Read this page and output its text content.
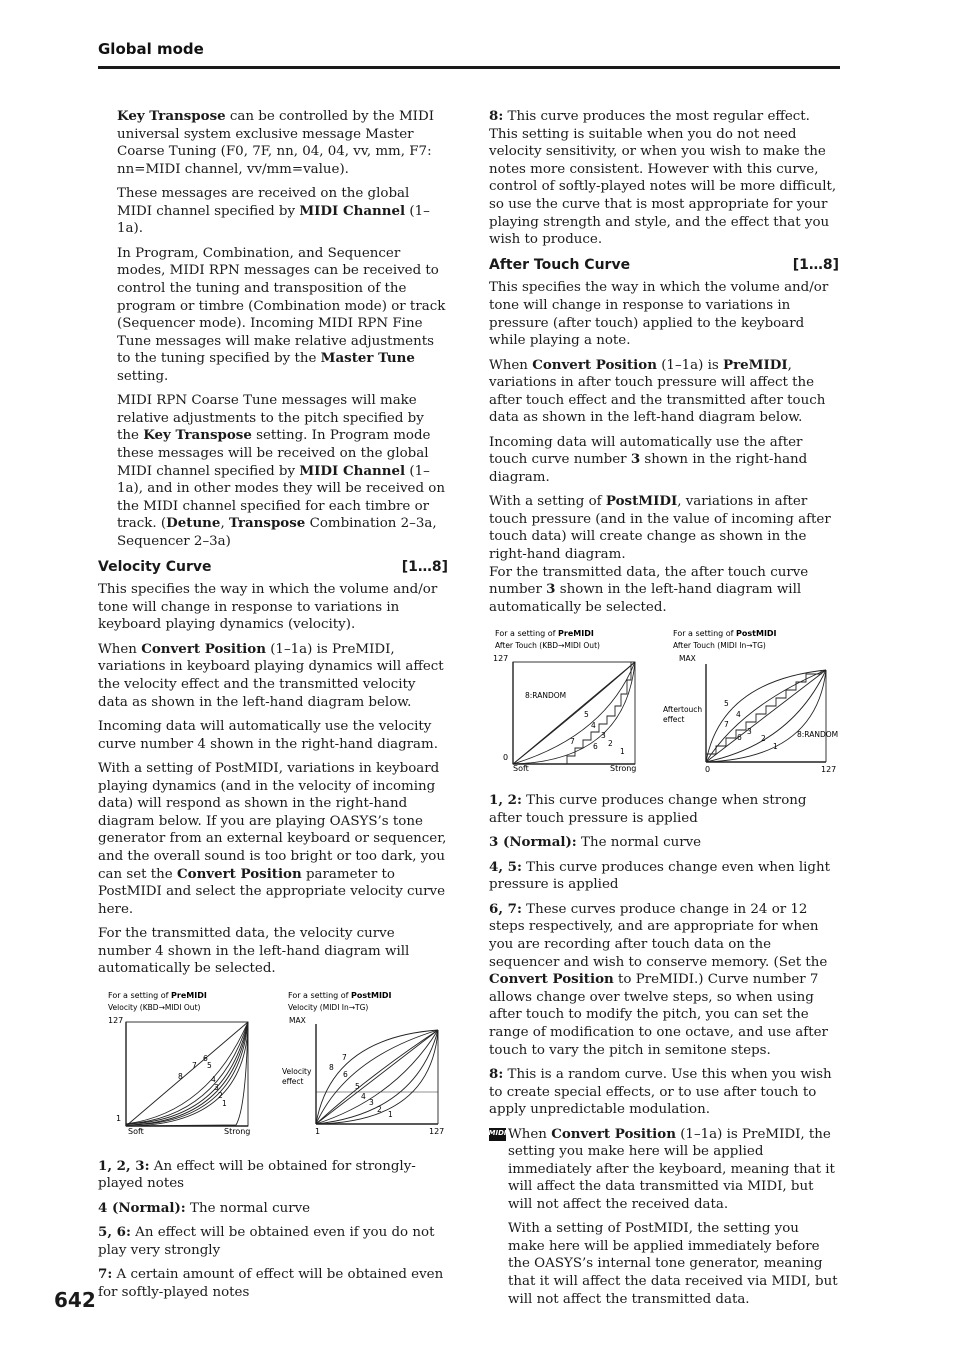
Global mode

Key Transpose can be controlled by the MIDI universal system exclusive message Master Coarse Tuning (F0, 7F, nn, 04, 04, vv, mm, F7: nn=MIDI channel, vv/mm=value).

These messages are received on the global MIDI channel specified by MIDI Channel (1–1a).

In Program, Combination, and Sequencer modes, MIDI RPN messages can be received to control the tuning and transposition of the program or timbre (Combination mode) or track (Sequencer mode). Incoming MIDI RPN Fine Tune messages will make relative adjustments to the tuning specified by the Master Tune setting.

MIDI RPN Coarse Tune messages will make relative adjustments to the pitch specified by the Key Transpose setting. In Program mode these messages will be received on the global MIDI channel specified by MIDI Channel (1–1a), and in other modes they will be received on the MIDI channel specified for each timbre or track. (Detune, Transpose Combination 2–3a, Sequencer 2–3a)

Velocity Curve	[1…8]

This specifies the way in which the volume and/or tone will change in response to variations in keyboard playing dynamics (velocity).

When Convert Position (1–1a) is PreMIDI, variations in keyboard playing dynamics will affect the velocity effect and the transmitted velocity data as shown in the left-hand diagram below.

Incoming data will automatically use the velocity curve number 4 shown in the right-hand diagram.

With a setting of PostMIDI, variations in keyboard playing dynamics (and in the velocity of incoming data) will respond as shown in the right-hand diagram below. If you are playing OASYS’s tone generator from an external keyboard or sequencer, and the overall sound is too bright or too dark, you can set the Convert Position parameter to PostMIDI and select the appropriate velocity curve here.

For the transmitted data, the velocity curve number 4 shown in the left-hand diagram will automatically be selected.

For a setting of PreMIDI
Velocity (KBD→MIDI Out)
127
1
Soft	Strong
6
7 5
8	4
3
2
1
For a setting of PostMIDI
Velocity (MIDI In→TG)
MAX
Velocity
effect
1	127
7
8
6
5
4
3
2
1

1, 2, 3: An effect will be obtained for strongly-played notes

4 (Normal): The normal curve

5, 6: An effect will be obtained even if you do not play very strongly

7: A certain amount of effect will be obtained even for softly-played notes

8: This curve produces the most regular effect. This setting is suitable when you do not need velocity sensitivity, or when you wish to make the notes more consistent. However with this curve, control of softly-played notes will be more difficult, so use the curve that is most appropriate for your playing strength and style, and the effect that you wish to produce.

After Touch Curve	[1…8]

This specifies the way in which the volume and/or tone will change in response to variations in pressure (after touch) applied to the keyboard while playing a note.

When Convert Position (1–1a) is PreMIDI, variations in after touch pressure will affect the after touch effect and the transmitted after touch data as shown in the left-hand diagram below.

Incoming data will automatically use the after touch curve number 3 shown in the right-hand diagram.

With a setting of PostMIDI, variations in after touch pressure (and in the value of incoming after touch data) will create change as shown in the right-hand diagram.
For the transmitted data, the after touch curve number 3 shown in the left-hand diagram will automatically be selected.

For a setting of PreMIDI
After Touch (KBD→MIDI Out)
127
0
Soft	Strong
8:RANDOM
5
4
3
7
6 2
1
For a setting of PostMIDI
After Touch (MIDI In→TG)
MAX
Aftertouch
effect
0	127
8:RANDOM
5
4
7
3
6	2
1

1, 2: This curve produces change when strong after touch pressure is applied

3 (Normal): The normal curve

4, 5: This curve produces change even when light pressure is applied

6, 7: These curves produce change in 24 or 12 steps respectively, and are appropriate for when you are recording after touch data on the sequencer and wish to conserve memory. (Set the Convert Position to PreMIDI.) Curve number 7 allows change over twelve steps, so when using after touch to modify the pitch, you can set the range of modification to one octave, and use after touch to vary the pitch in semitone steps.

8: This is a random curve. Use this when you wish to create special effects, or to use after touch to apply unpredictable modulation.

MIDI When Convert Position (1–1a) is PreMIDI, the setting you make here will be applied immediately after the keyboard, meaning that it will affect the data transmitted via MIDI, but will not affect the received data.

With a setting of PostMIDI, the setting you make here will be applied immediately before the OASYS’s internal tone generator, meaning that it will affect the data received via MIDI, but will not affect the transmitted data.

642
